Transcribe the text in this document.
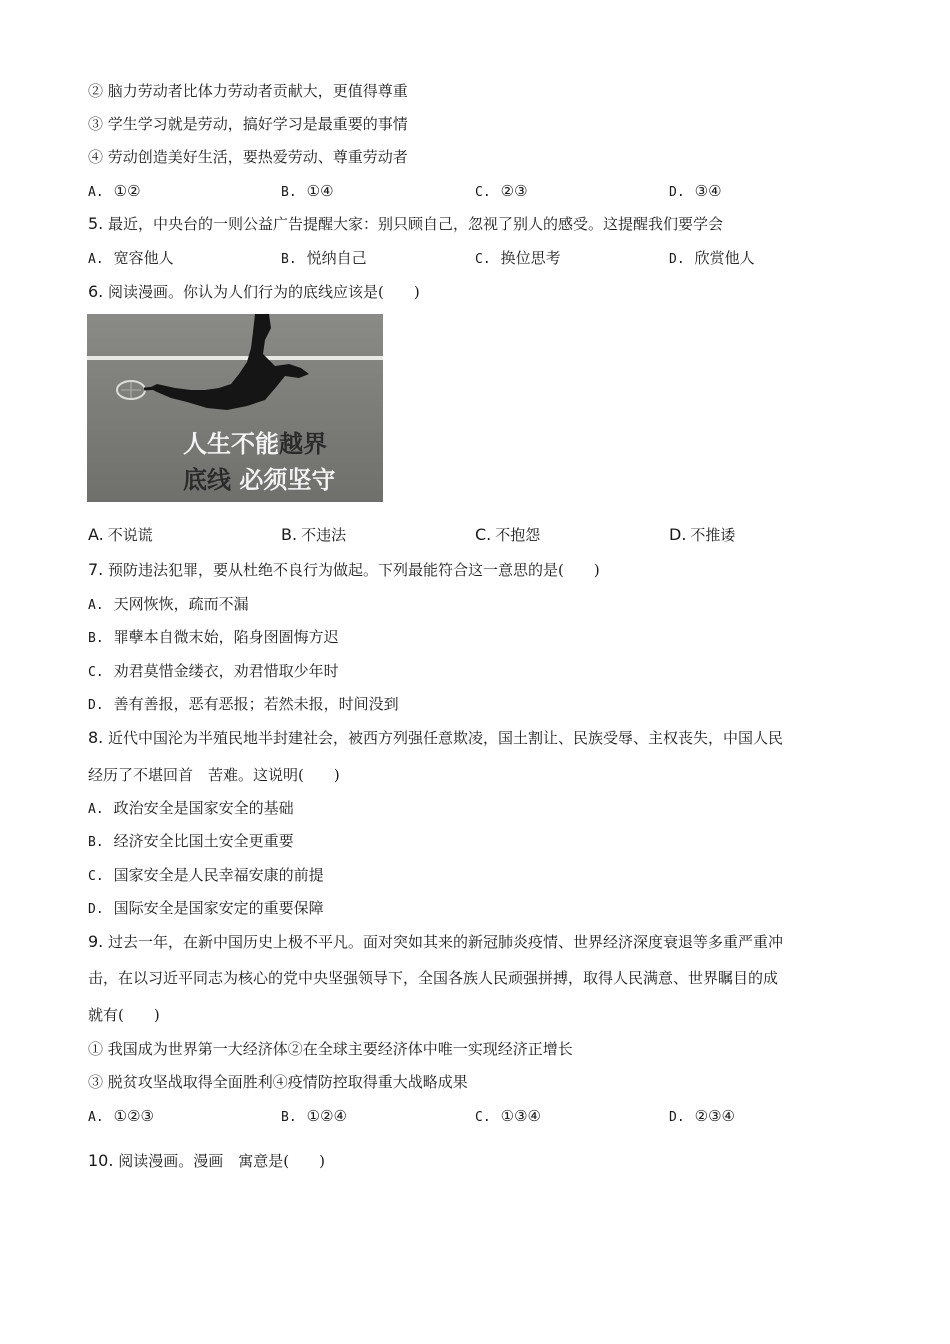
② 脑力劳动者比体力劳动者贡献大，更值得尊重
③ 学生学习就是劳动，搞好学习是最重要的事情
④ 劳动创造美好生活，要热爱劳动、尊重劳动者
A. ①②	B. ①④	C. ②③	D. ③④
5. 最近，中央台的一则公益广告提醒大家：别只顾自己，忽视了别人的感受。这提醒我们要学会
A. 宽容他人	B. 悦纳自己	C. 换位思考	D. 欣赏他人
6. 阅读漫画。你认为人们行为的底线应该是(　　)
人生不能越界
底线 必须坚守
A. 不说谎	B. 不违法	C. 不抱怨	D. 不推诿
7. 预防违法犯罪，要从杜绝不良行为做起。下列最能符合这一意思的是(　　)
A. 天网恢恢，疏而不漏
B. 罪孽本自微末始，陷身囹圄悔方迟
C. 劝君莫惜金缕衣，劝君惜取少年时
D. 善有善报，恶有恶报；若然未报，时间没到
8. 近代中国沦为半殖民地半封建社会，被西方列强任意欺凌，国土割让、民族受辱、主权丧失，中国人民
经历了不堪回首　苦难。这说明(　　)
A. 政治安全是国家安全的基础
B. 经济安全比国土安全更重要
C. 国家安全是人民幸福安康的前提
D. 国际安全是国家安定的重要保障
9. 过去一年，在新中国历史上极不平凡。面对突如其来的新冠肺炎疫情、世界经济深度衰退等多重严重冲
击，在以习近平同志为核心的党中央坚强领导下，全国各族人民顽强拼搏，取得人民满意、世界瞩目的成
就有(　　)
① 我国成为世界第一大经济体②在全球主要经济体中唯一实现经济正增长
③ 脱贫攻坚战取得全面胜利④疫情防控取得重大战略成果
A. ①②③	B. ①②④	C. ①③④	D. ②③④
10. 阅读漫画。漫画　寓意是(　　)
